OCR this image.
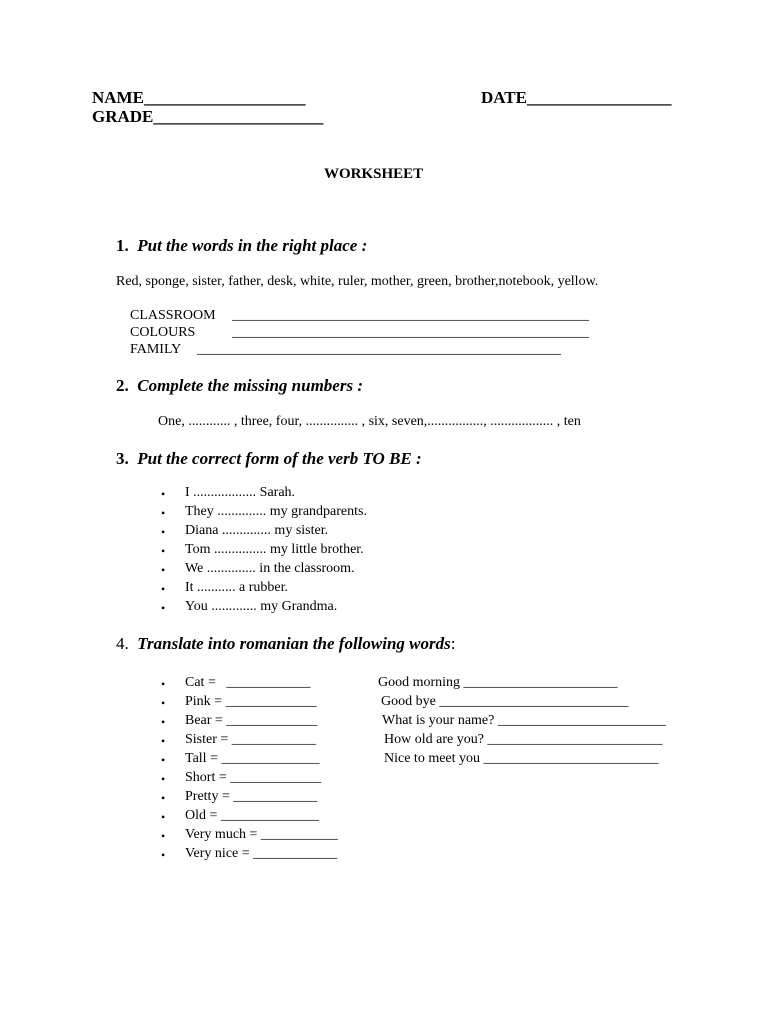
NAME___________________	DATE_________________
GRADE____________________
WORKSHEET
1. Put the words in the right place :
Red, sponge, sister, father, desk, white, ruler, mother, green, brother,notebook, yellow.
CLASSROOM ___________________________________________________
COLOURS	___________________________________________________
FAMILY ____________________________________________________
2. Complete the missing numbers :
One, ............ , three, four, ............... , six, seven,................, .................. , ten
3. Put the correct form of the verb TO BE :
• I .................. Sarah.
• They .............. my grandparents.
• Diana .............. my sister.
• Tom ............... my little brother.
• We .............. in the classroom.
• It ........... a rubber.
• You ............. my Grandma.
4. Translate into romanian the following words:
• Cat =   ____________
• Pink = _____________
• Bear = _____________
• Sister = ____________
• Tall = ______________
• Short = _____________
• Pretty = ____________
• Old = ______________
• Very much = ___________
• Very nice = ____________
Good morning ______________________
Good bye ___________________________
What is your name? ________________________
How old are you? _________________________
Nice to meet you _________________________
